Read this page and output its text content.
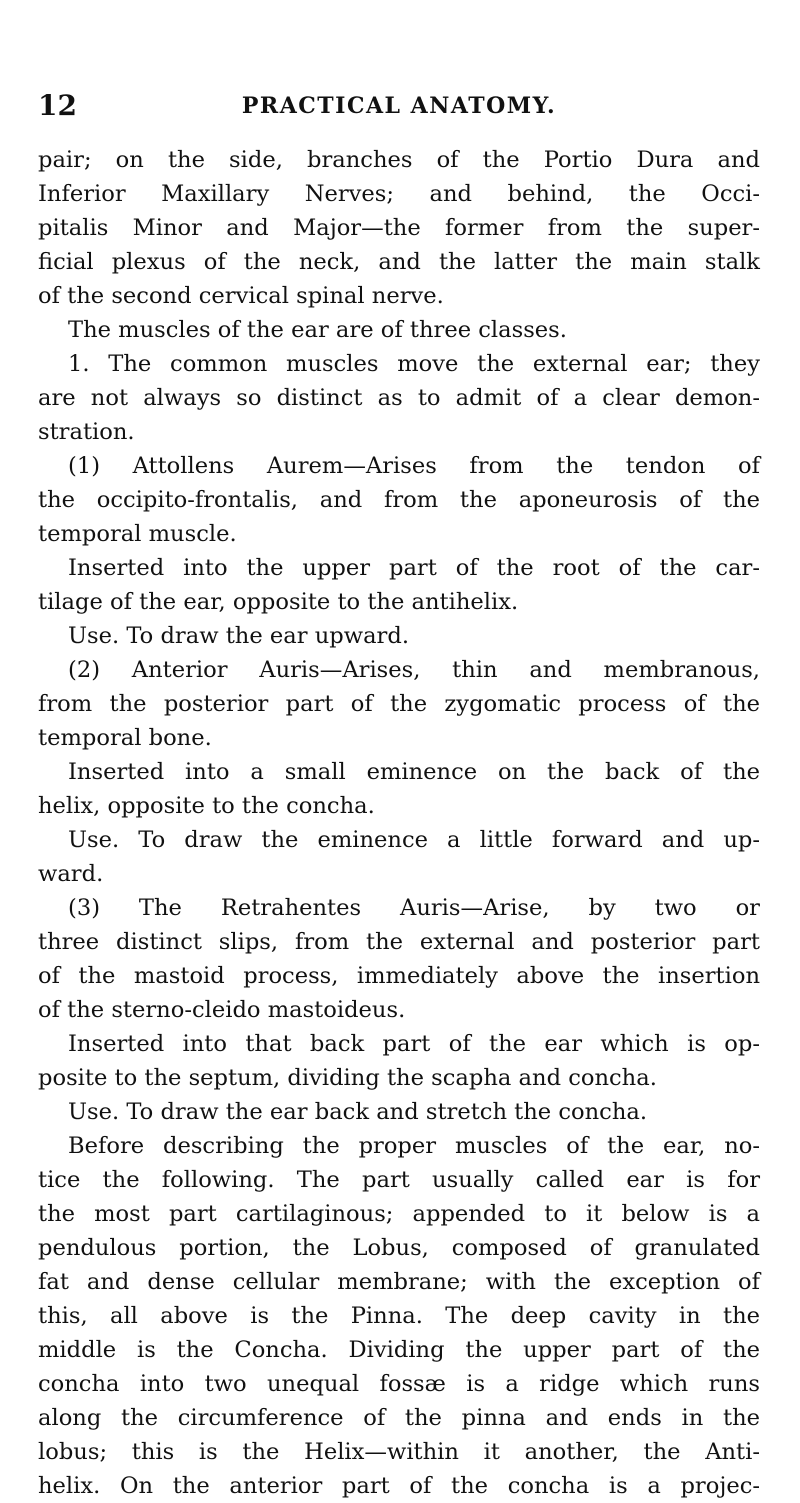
12	PRACTICAL ANATOMY.
pair; on the side, branches of the Portio Dura and
Inferior Maxillary Nerves; and behind, the Occi-
pitalis Minor and Major—the former from the super-
ficial plexus of the neck, and the latter the main stalk
of the second cervical spinal nerve.
The muscles of the ear are of three classes.
1. The common muscles move the external ear; they
are not always so distinct as to admit of a clear demon-
stration.
(1) Attollens Aurem—Arises from the tendon of
the occipito-frontalis, and from the aponeurosis of the
temporal muscle.
Inserted into the upper part of the root of the car-
tilage of the ear, opposite to the antihelix.
Use. To draw the ear upward.
(2) Anterior Auris—Arises, thin and membranous,
from the posterior part of the zygomatic process of the
temporal bone.
Inserted into a small eminence on the back of the
helix, opposite to the concha.
Use. To draw the eminence a little forward and up-
ward.
(3) The Retrahentes Auris—Arise, by two or
three distinct slips, from the external and posterior part
of the mastoid process, immediately above the insertion
of the sterno-cleido mastoideus.
Inserted into that back part of the ear which is op-
posite to the septum, dividing the scapha and concha.
Use. To draw the ear back and stretch the concha.
Before describing the proper muscles of the ear, no-
tice the following. The part usually called ear is for
the most part cartilaginous; appended to it below is a
pendulous portion, the Lobus, composed of granulated
fat and dense cellular membrane; with the exception of
this, all above is the Pinna. The deep cavity in the
middle is the Concha. Dividing the upper part of the
concha into two unequal fossæ is a ridge which runs
along the circumference of the pinna and ends in the
lobus; this is the Helix—within it another, the Anti-
helix. On the anterior part of the concha is a projec-
